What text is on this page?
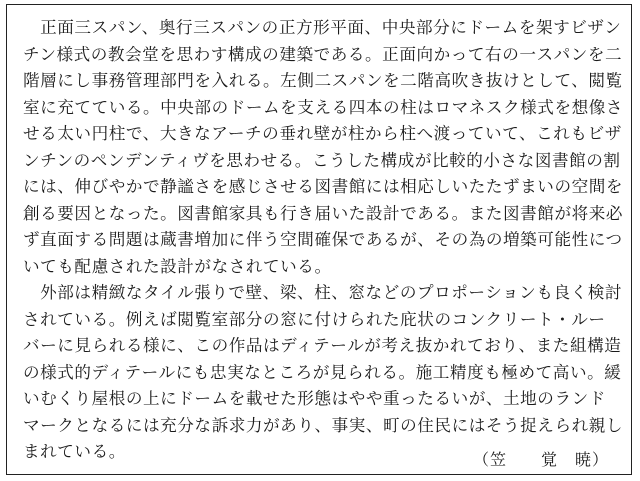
　正面三スパン、奥行三スパンの正方形平面、中央部分にドームを架すビザン
チン様式の教会堂を思わす構成の建築である。正面向かって右の一スパンを二
階層にし事務管理部門を入れる。左側二スパンを二階高吹き抜けとして、閲覧
室に充てている。中央部のドームを支える四本の柱はロマネスク様式を想像さ
せる太い円柱で、大きなアーチの垂れ壁が柱から柱へ渡っていて、これもビザ
ンチンのペンデンティヴを思わせる。こうした構成が比較的小さな図書館の割
には、伸びやかで静謐さを感じさせる図書館には相応しいたたずまいの空間を
創る要因となった。図書館家具も行き届いた設計である。また図書館が将来必
ず直面する問題は蔵書増加に伴う空間確保であるが、その為の増築可能性につ
いても配慮された設計がなされている。
　外部は精緻なタイル張りで壁、梁、柱、窓などのプロポーションも良く検討
されている。例えば閲覧室部分の窓に付けられた庇状のコンクリート・ルー
バーに見られる様に、この作品はディテールが考え抜かれており、また組構造
の様式的ディテールにも忠実なところが見られる。施工精度も極めて高い。緩
いむくり屋根の上にドームを載せた形態はやや重ったるいが、土地のランド
マークとなるには充分な訴求力があり、事実、町の住民にはそう捉えられ親し
まれている。	（笠　　覚　暁）
